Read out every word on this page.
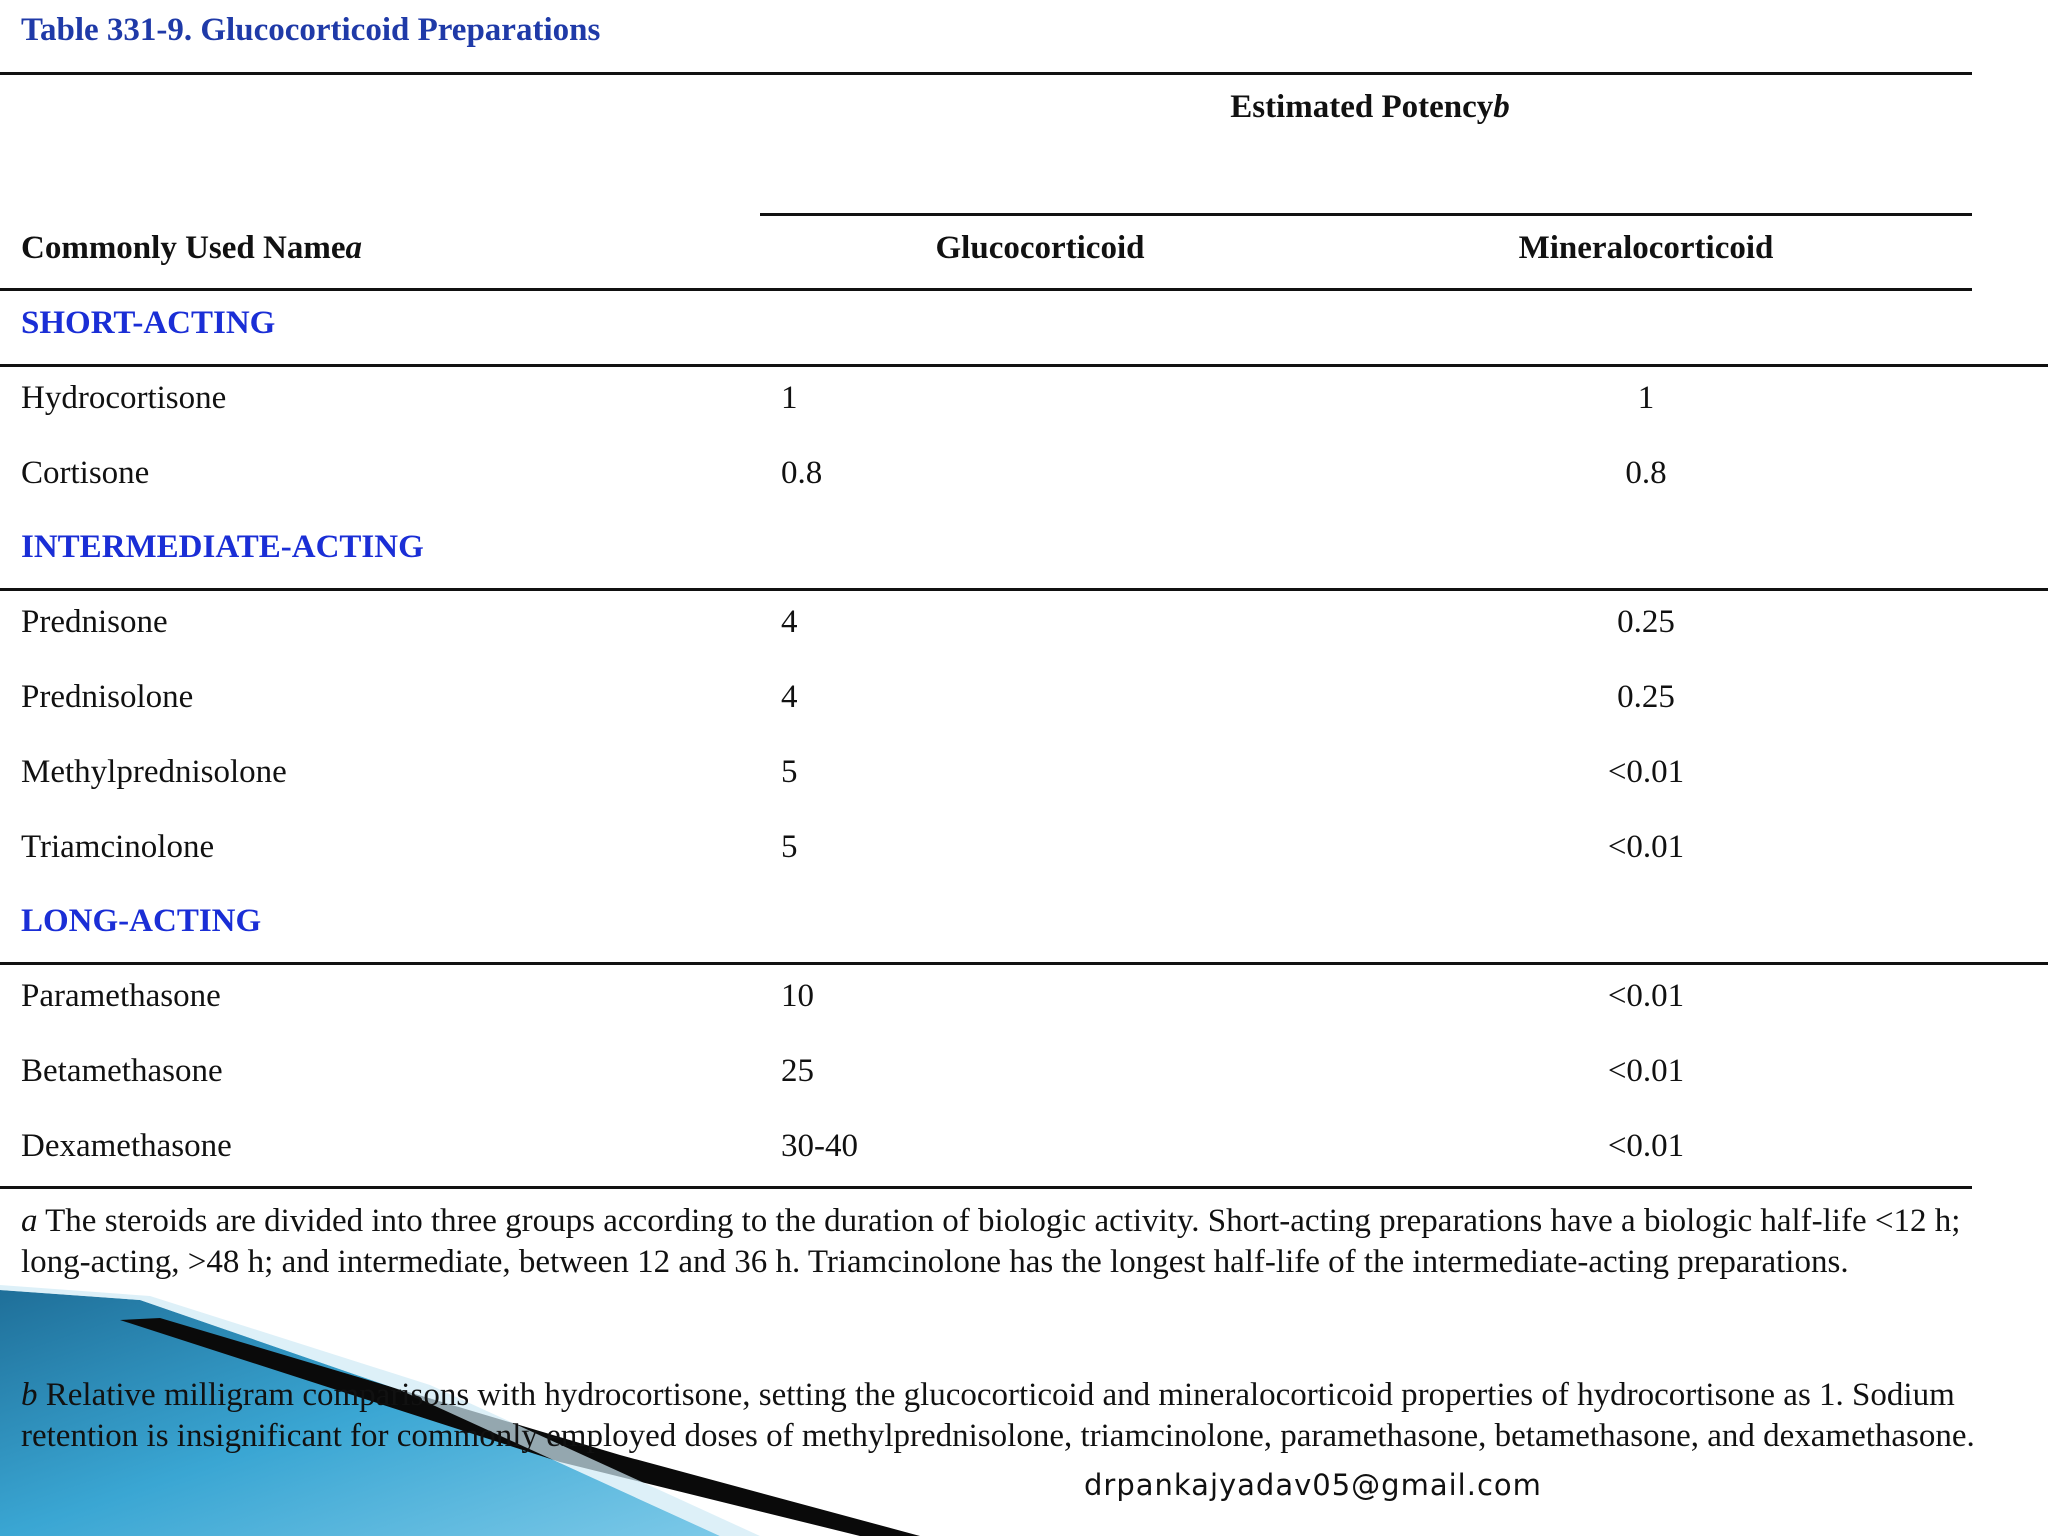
Table 331-9. Glucocorticoid Preparations
Estimated Potencyb
Commonly Used Namea	Glucocorticoid	Mineralocorticoid
SHORT-ACTING
Hydrocortisone	1	1
Cortisone	0.8	0.8
INTERMEDIATE-ACTING
Prednisone	4	0.25
Prednisolone	4	0.25
Methylprednisolone	5	<0.01
Triamcinolone	5	<0.01
LONG-ACTING
Paramethasone	10	<0.01
Betamethasone	25	<0.01
Dexamethasone	30-40	<0.01

a The steroids are divided into three groups according to the duration of biologic activity. Short-acting preparations have a biologic half-life <12 h; long-acting, >48 h; and intermediate, between 12 and 36 h. Triamcinolone has the longest half-life of the intermediate-acting preparations.

b Relative milligram comparisons with hydrocortisone, setting the glucocorticoid and mineralocorticoid properties of hydrocortisone as 1. Sodium retention is insignificant for commonly employed doses of methylprednisolone, triamcinolone, paramethasone, betamethasone, and dexamethasone.

drpankajyadav05@gmail.com
